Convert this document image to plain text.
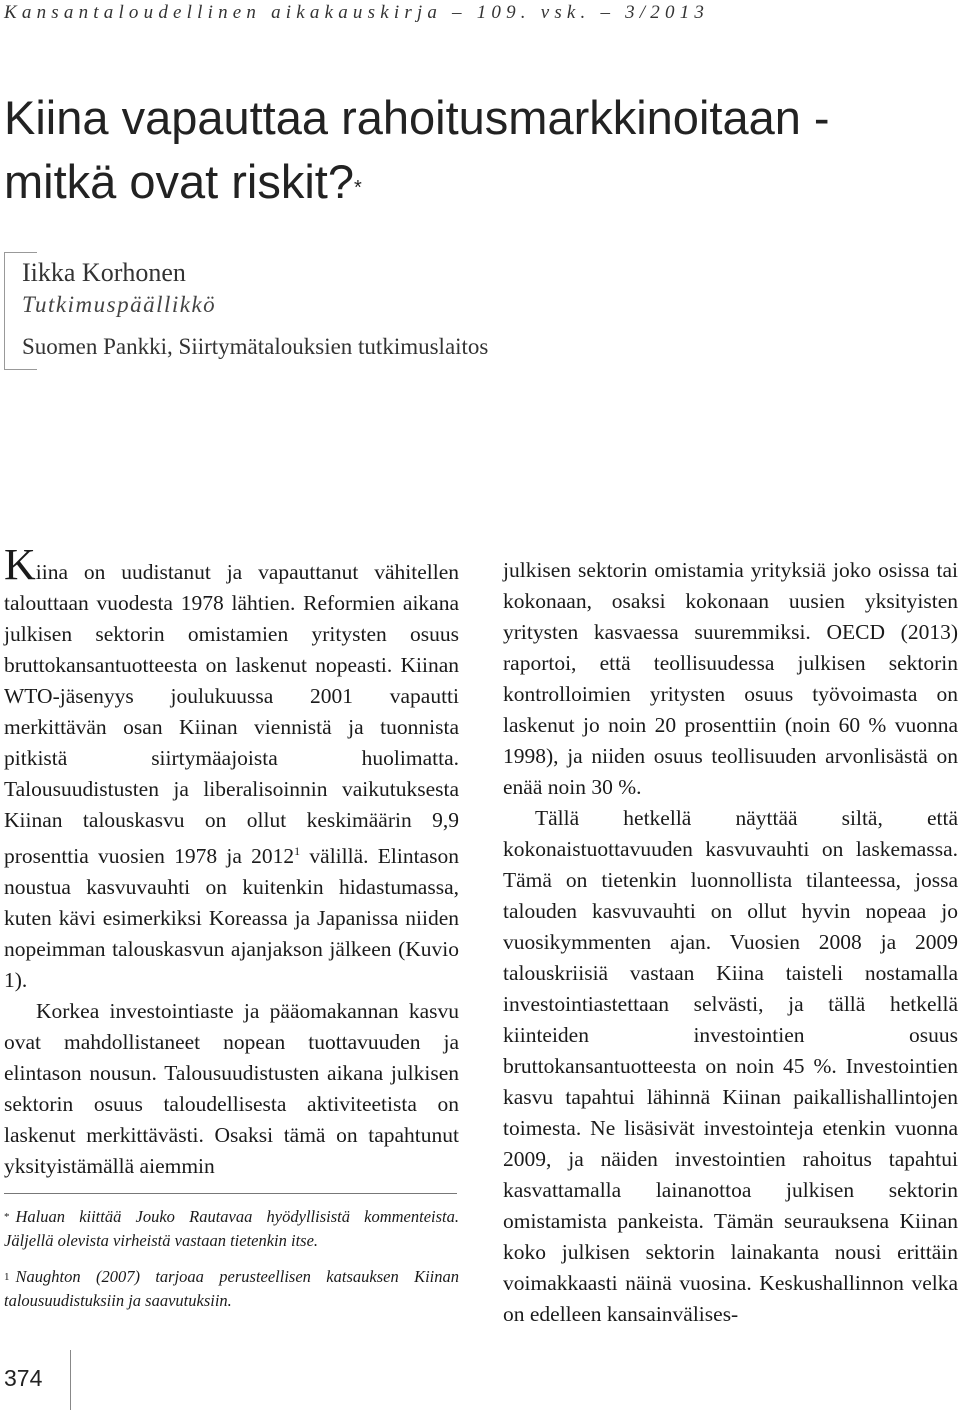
Kansantaloudellinen aikakauskirja – 109. vsk. – 3/2013
Kiina vapauttaa rahoitusmarkkinoitaan -
mitkä ovat riskit?*
Iikka Korhonen
Tutkimuspäällikkö
Suomen Pankki, Siirtymätalouksien tutkimuslaitos

Kiina on uudistanut ja vapauttanut vähitellen talouttaan vuodesta 1978 lähtien. Reformien aikana julkisen sektorin omistamien yritysten osuus bruttokansantuotteesta on laskenut nopeasti. Kiinan WTO-jäsenyys joulukuussa 2001 vapautti merkittävän osan Kiinan viennistä ja tuonnista pitkistä siirtymäajoista huolimatta. Talousuudistusten ja liberalisoinnin vaikutuksesta Kiinan talouskasvu on ollut keskimäärin 9,9 prosenttia vuosien 1978 ja 2012$^1$ välillä. Elintason noustua kasvuvauhti on kuitenkin hidastumassa, kuten kävi esimerkiksi Koreassa ja Japanissa niiden nopeimman talouskasvun ajanjakson jälkeen (Kuvio 1).

Korkea investointiaste ja pääomakannan kasvu ovat mahdollistaneet nopean tuottavuuden ja elintason nousun. Talousuudistusten aikana julkisen sektorin osuus taloudellisesta aktiviteetista on laskenut merkittävästi. Osaksi tämä on tapahtunut yksityistämällä aiemmin

julkisen sektorin omistamia yrityksiä joko osissa tai kokonaan, osaksi kokonaan uusien yksityisten yritysten kasvaessa suuremmiksi. OECD (2013) raportoi, että teollisuudessa julkisen sektorin kontrolloimien yritysten osuus työvoimasta on laskenut jo noin 20 prosenttiin (noin 60 % vuonna 1998), ja niiden osuus teollisuuden arvonlisästä on enää noin 30 %.

Tällä hetkellä näyttää siltä, että kokonaistuottavuuden kasvuvauhti on laskemassa. Tämä on tietenkin luonnollista tilanteessa, jossa talouden kasvuvauhti on ollut hyvin nopeaa jo vuosikymmenten ajan. Vuosien 2008 ja 2009 talouskriisiä vastaan Kiina taisteli nostamalla investointiastettaan selvästi, ja tällä hetkellä kiinteiden investointien osuus bruttokansantuotteesta on noin 45 %. Investointien kasvu tapahtui lähinnä Kiinan paikallishallintojen toimesta. Ne lisäsivät investointeja etenkin vuonna 2009, ja näiden investointien rahoitus tapahtui kasvattamalla lainanottoa julkisen sektorin omistamista pankeista. Tämän seurauksena Kiinan koko julkisen sektorin lainakanta nousi erittäin voimakkaasti näinä vuosina. Keskushallinnon velka on edelleen kansainvälises-

* Haluan kiittää Jouko Rautavaa hyödyllisistä kommenteista. Jäljellä olevista virheistä vastaan tietenkin itse.

$^1$ Naughton (2007) tarjoaa perusteellisen katsauksen Kiinan talousuudistuksiin ja saavutuksiin.

374
